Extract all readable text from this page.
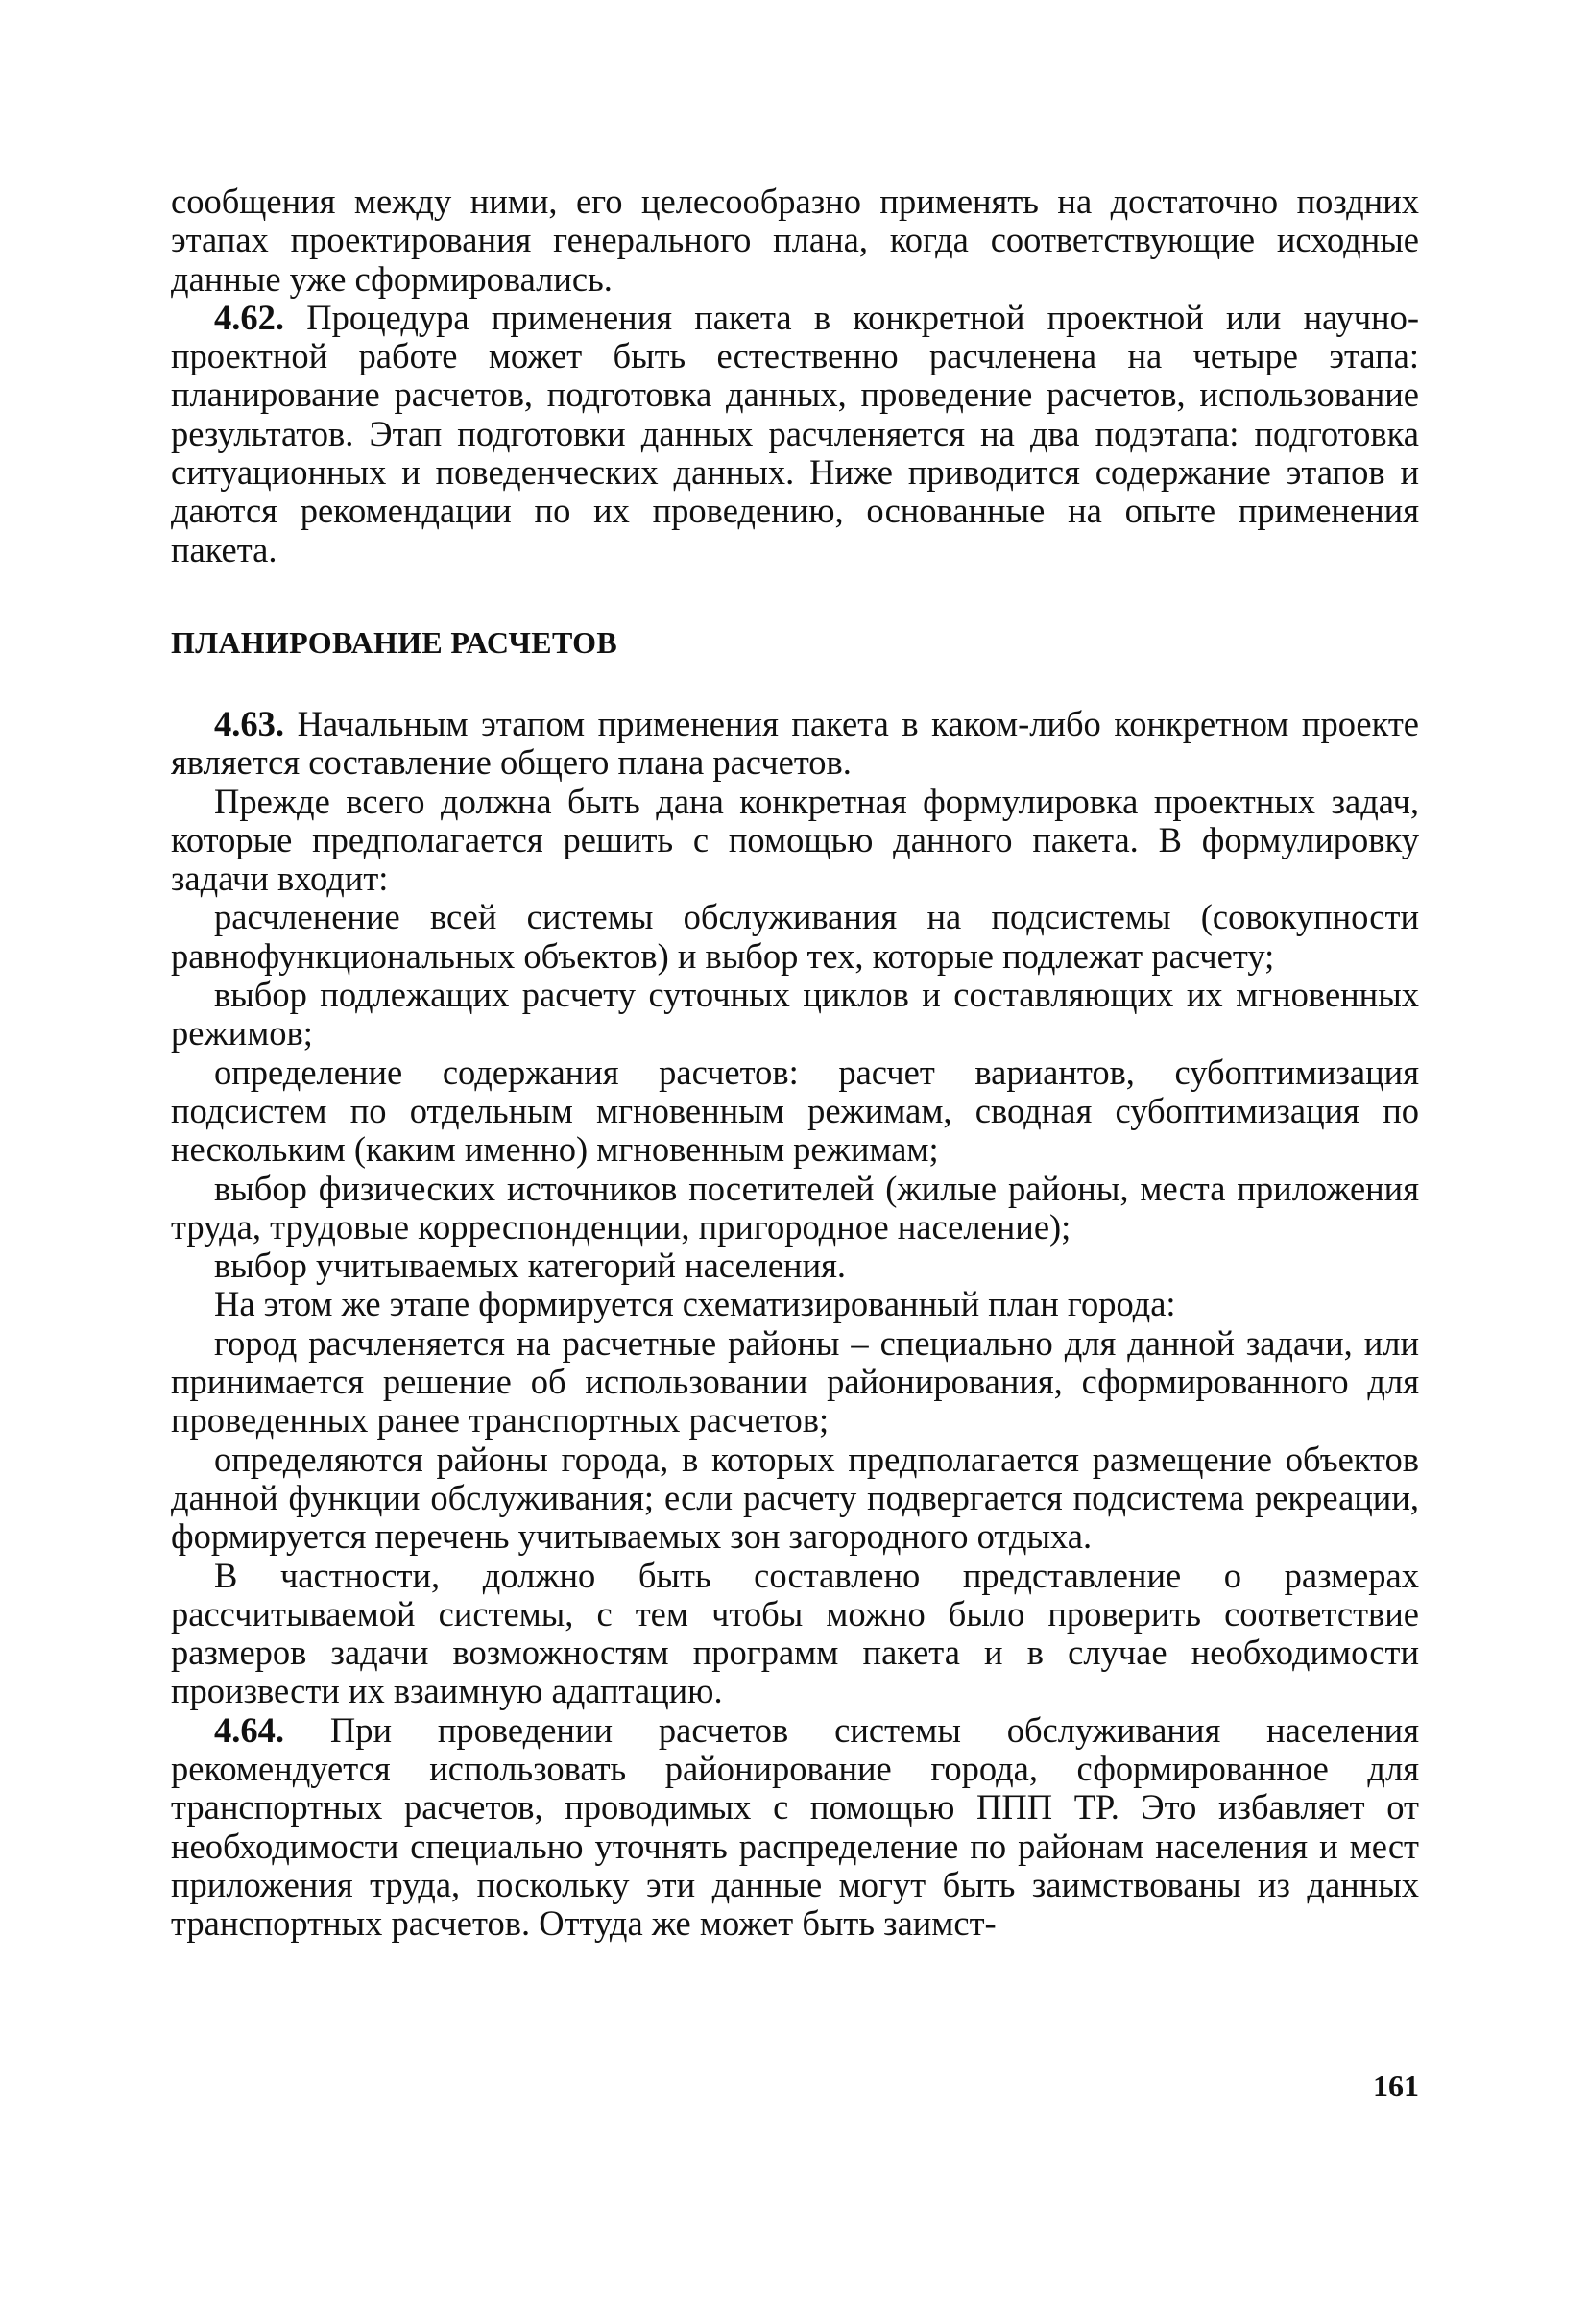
сообщения между ними, его целесообразно применять на достаточно поздних этапах проектирования генерального плана, когда соответствующие исходные данные уже сформировались.

4.62. Процедура применения пакета в конкретной проектной или научно-проектной работе может быть естественно расчленена на четыре этапа: планирование расчетов, подготовка данных, проведение расчетов, использование результатов. Этап подготовки данных расчленяется на два подэтапа: подготовка ситуационных и поведенческих данных. Ниже приводится содержание этапов и даются рекомендации по их проведению, основанные на опыте применения пакета.

ПЛАНИРОВАНИЕ РАСЧЕТОВ

4.63. Начальным этапом применения пакета в каком-либо конкретном проекте является составление общего плана расчетов.

Прежде всего должна быть дана конкретная формулировка проектных задач, которые предполагается решить с помощью данного пакета. В формулировку задачи входит:

расчленение всей системы обслуживания на подсистемы (совокупности равнофункциональных объектов) и выбор тех, которые подлежат расчету;

выбор подлежащих расчету суточных циклов и составляющих их мгновенных режимов;

определение содержания расчетов: расчет вариантов, субоптимизация подсистем по отдельным мгновенным режимам, сводная субоптимизация по нескольким (каким именно) мгновенным режимам;

выбор физических источников посетителей (жилые районы, места приложения труда, трудовые корреспонденции, пригородное население);

выбор учитываемых категорий населения.

На этом же этапе формируется схематизированный план города:

город расчленяется на расчетные районы – специально для данной задачи, или принимается решение об использовании районирования, сформированного для проведенных ранее транспортных расчетов;

определяются районы города, в которых предполагается размещение объектов данной функции обслуживания; если расчету подвергается подсистема рекреации, формируется перечень учитываемых зон загородного отдыха.

В частности, должно быть составлено представление о размерах рассчитываемой системы, с тем чтобы можно было проверить соответствие размеров задачи возможностям программ пакета и в случае необходимости произвести их взаимную адаптацию.

4.64. При проведении расчетов системы обслуживания населения рекомендуется использовать районирование города, сформированное для транспортных расчетов, проводимых с помощью ППП ТР. Это избавляет от необходимости специально уточнять распределение по районам населения и мест приложения труда, поскольку эти данные могут быть заимствованы из данных транспортных расчетов. Оттуда же может быть заимст-

161
